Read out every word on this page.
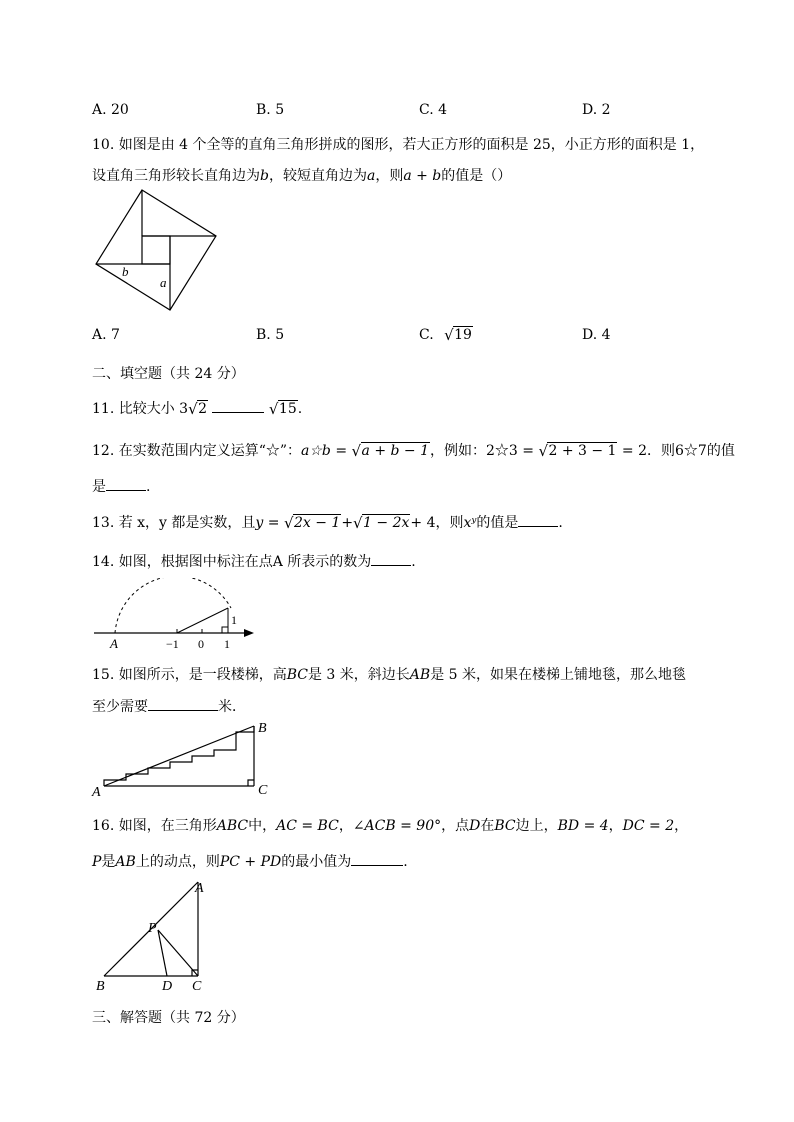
A. 20	B. 5	C. 4	D. 2
10. 如图是由 4 个全等的直角三角形拼成的图形，若大正方形的面积是 25，小正方形的面积是 1，
设直角三角形较长直角边为b，较短直角边为a，则a + b的值是（）
b
a
A. 7	B. 5	C. √ 19	D. 4
二、填空题（共 24 分）
11. 比较大小 3 √ 2	√ 15.
12. 在实数范围内定义运算“☆”：a☆b = √ a + b − 1，例如：2☆3 = √ 2 + 3 − 1 = 2．则6☆7的值
是	.
13. 若 x，y 都是实数，且y = √ 2x − 1+ √ 1 − 2x+ 4，则xʸ的值是	.
14. 如图，根据图中标注在点A 所表示的数为	.
A	−1 0 1
1
15. 如图所示，是一段楼梯，高BC是 3 米，斜边长AB是 5 米，如果在楼梯上铺地毯，那么地毯
至少需要	米．
A
B
C
16. 如图，在三角形ABC中，AC = BC，∠ACB = 90°，点D在BC边上，BD = 4，DC = 2，
P是AB上的动点，则PC + PD的最小值为	.
A
P
B	D C
三、解答题（共 72 分）
